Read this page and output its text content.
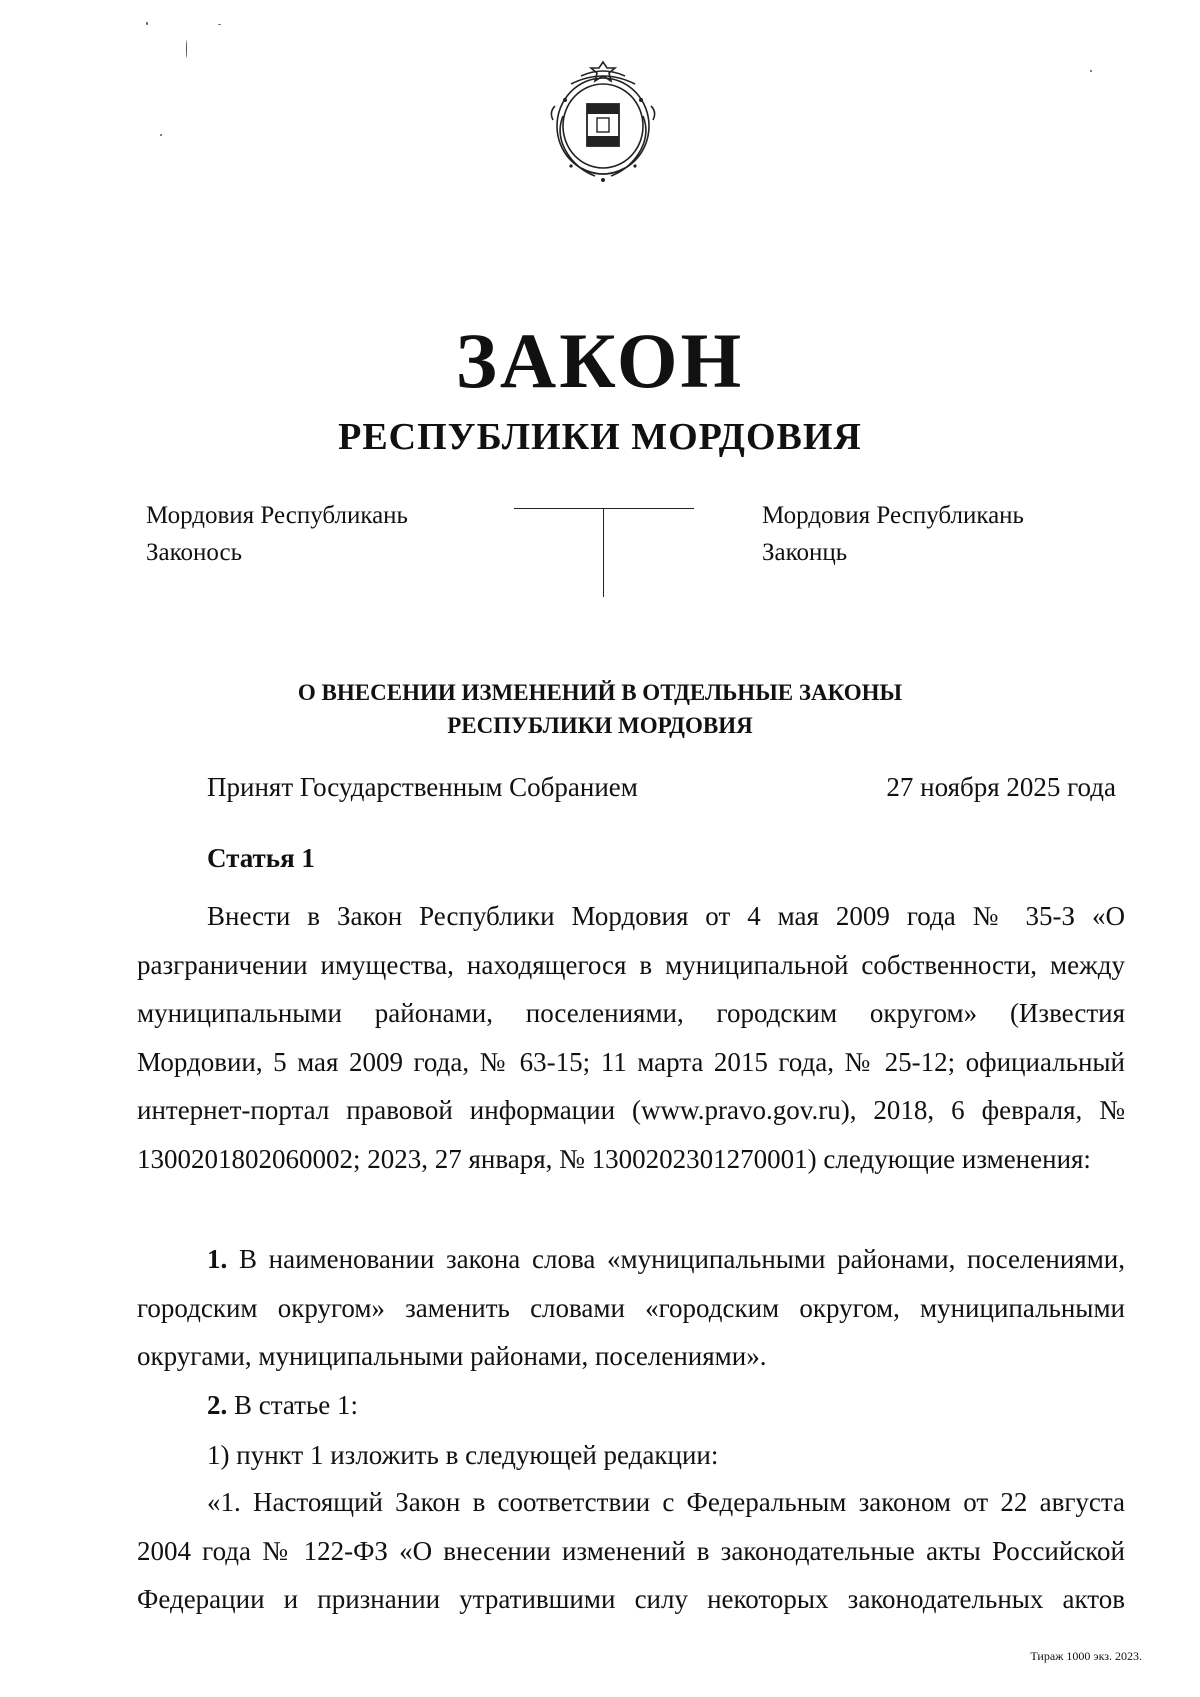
ЗАКОН
РЕСПУБЛИКИ МОРДОВИЯ
Мордовия Республикань
Законось
Мордовия Республикань
Законць
О ВНЕСЕНИИ ИЗМЕНЕНИЙ В ОТДЕЛЬНЫЕ ЗАКОНЫ
РЕСПУБЛИКИ МОРДОВИЯ
Принят Государственным Собранием	27 ноября 2025 года
Статья 1
Внести в Закон Республики Мордовия от 4 мая 2009 года № 35-З «О разграничении имущества, находящегося в муниципальной собственности, между муниципальными районами, поселениями, городским округом» (Известия Мордовии, 5 мая 2009 года, № 63-15; 11 марта 2015 года, № 25-12; официальный интернет-портал правовой информации (www.pravo.gov.ru), 2018, 6 февраля, № 1300201802060002; 2023, 27 января, № 1300202301270001) следующие изменения:
1. В наименовании закона слова «муниципальными районами, поселениями, городским округом» заменить словами «городским округом, муниципальными округами, муниципальными районами, поселениями».
2. В статье 1:
1) пункт 1 изложить в следующей редакции:
«1. Настоящий Закон в соответствии с Федеральным законом от 22 августа 2004 года № 122-ФЗ «О внесении изменений в законодательные акты Российской Федерации и признании утратившими силу некоторых законодательных актов
Тираж 1000 экз. 2023.
